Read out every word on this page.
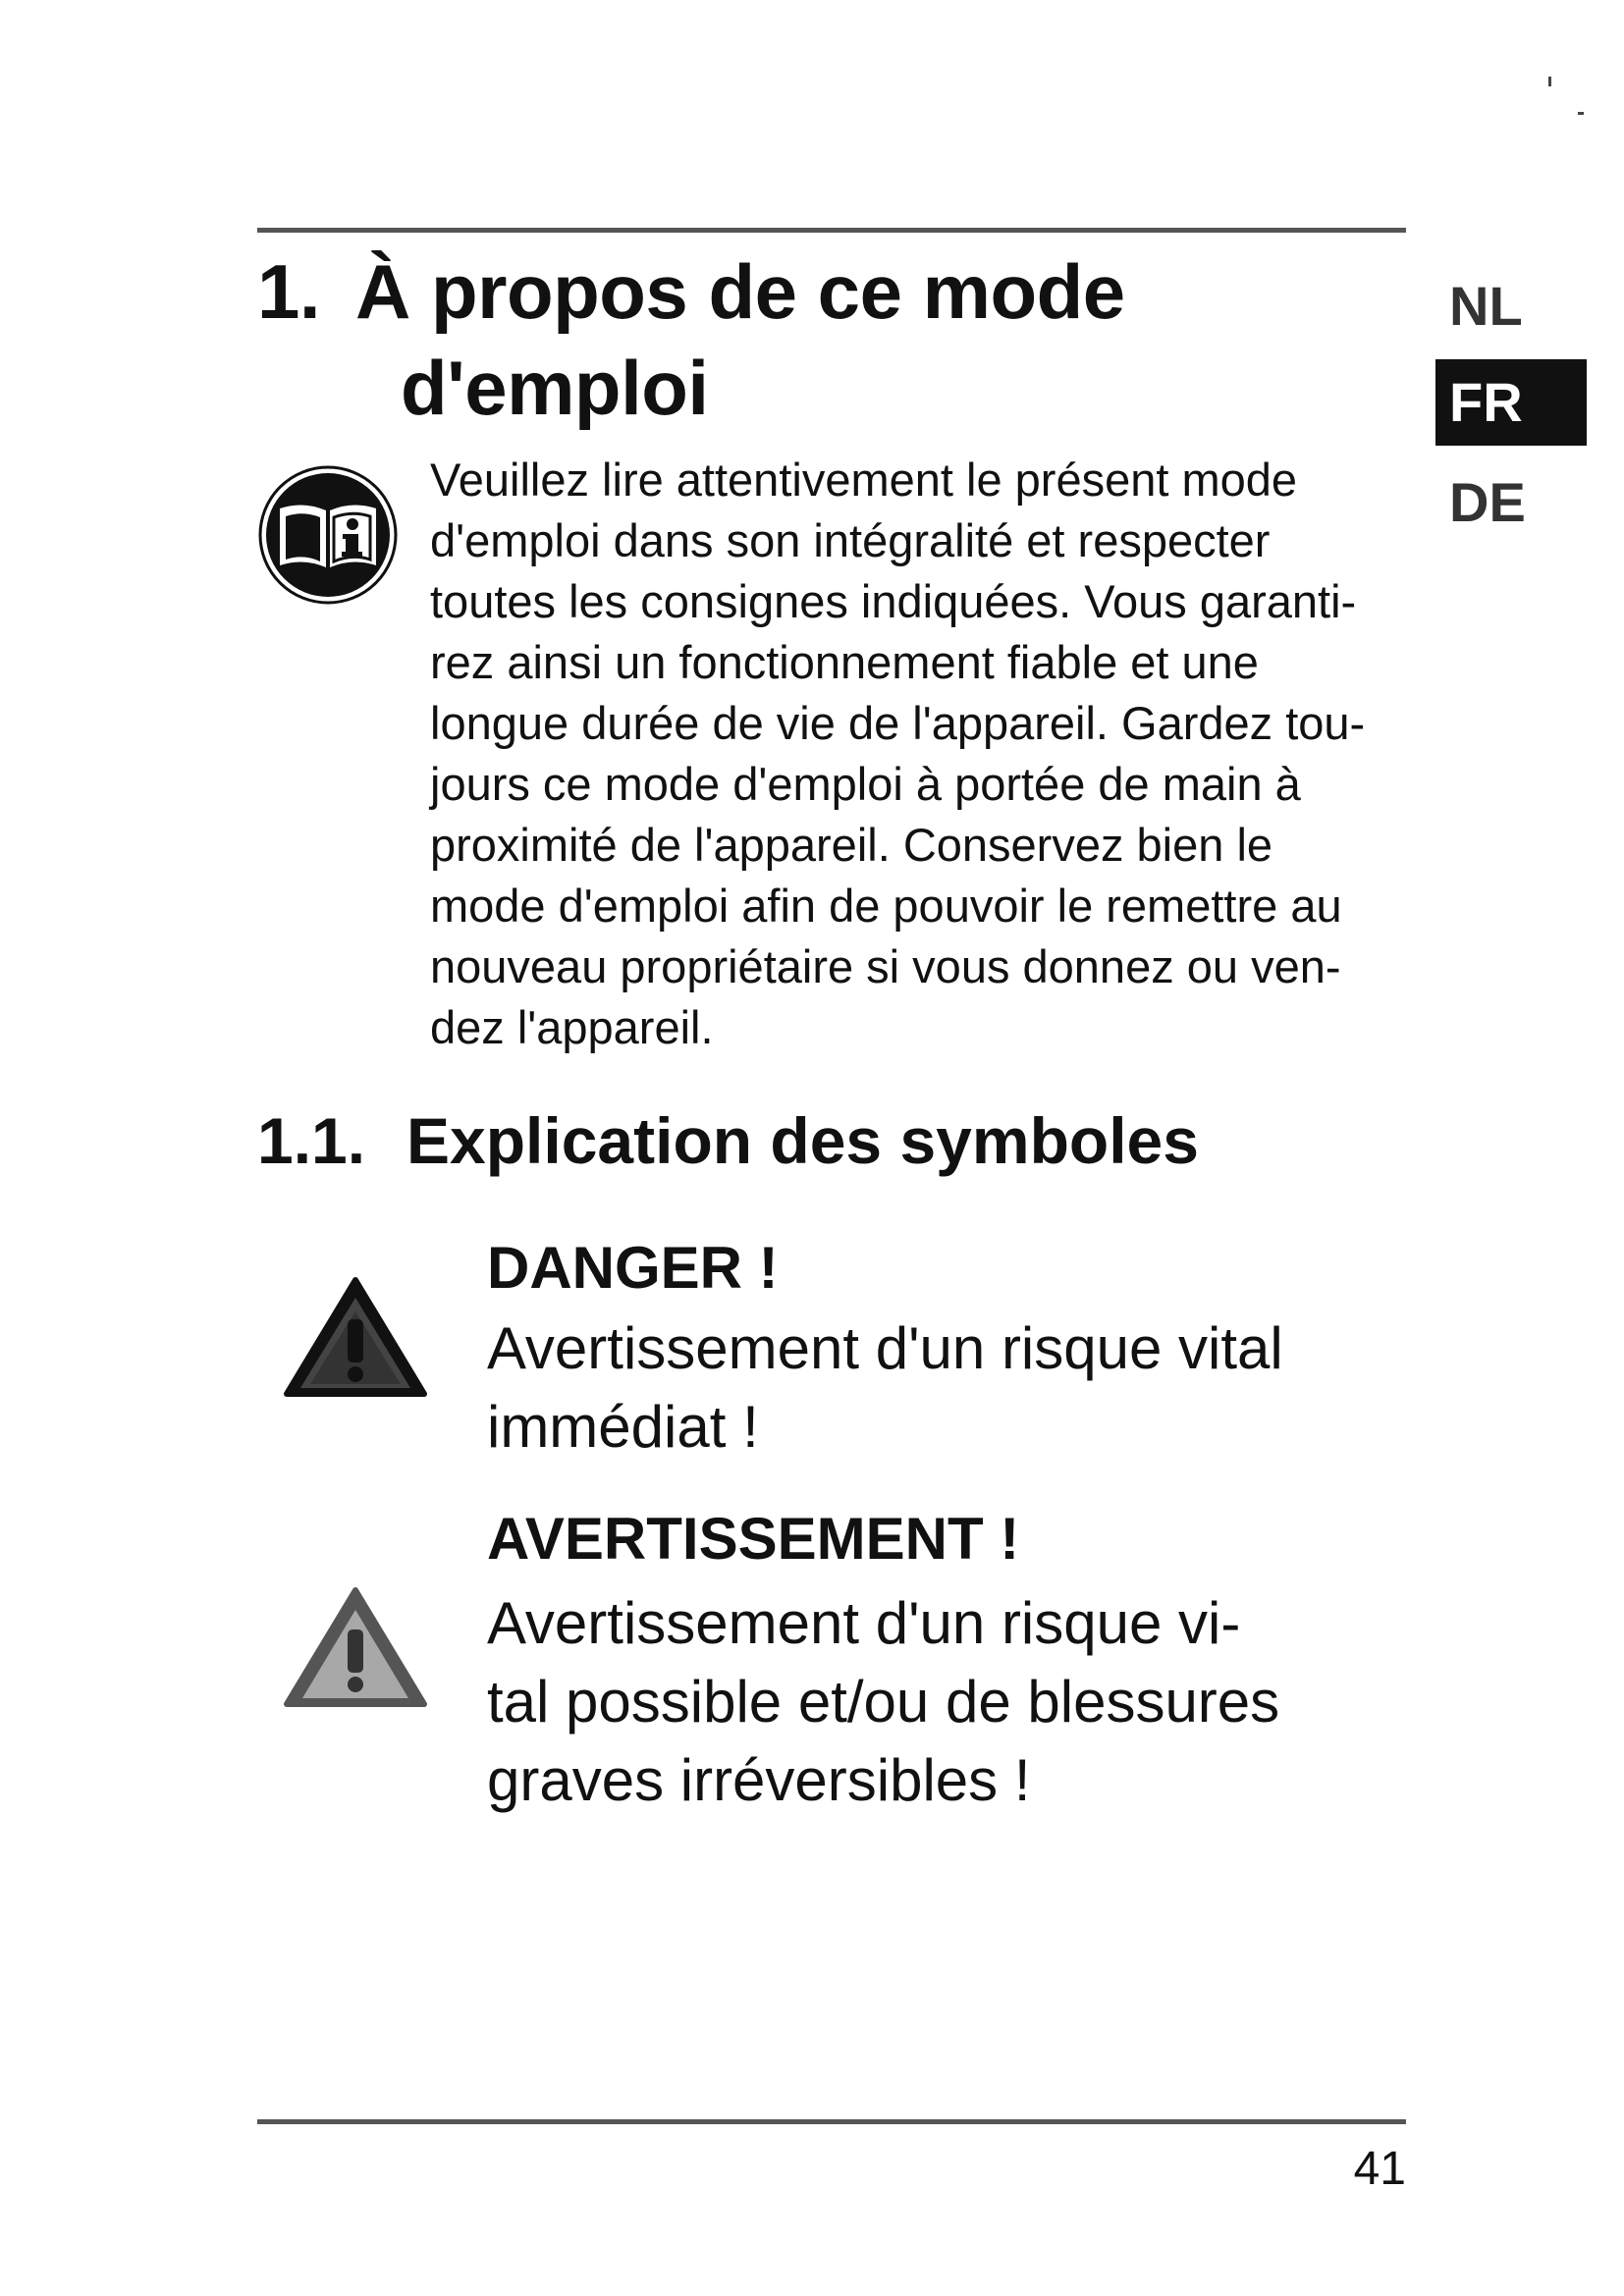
1. À propos de ce mode
d'emploi

Veuillez lire attentivement le présent mode
d'emploi dans son intégralité et respecter
toutes les consignes indiquées. Vous garanti-
rez ainsi un fonctionnement fiable et une
longue durée de vie de l'appareil. Gardez tou-
jours ce mode d'emploi à portée de main à
proximité de l'appareil. Conservez bien le
mode d'emploi afin de pouvoir le remettre au
nouveau propriétaire si vous donnez ou ven-
dez l'appareil.

1.1. Explication des symboles

DANGER !

Avertissement d'un risque vital
immédiat !

AVERTISSEMENT !

Avertissement d'un risque vi-
tal possible et/ou de blessures
graves irréversibles !

NL
FR
DE
41
